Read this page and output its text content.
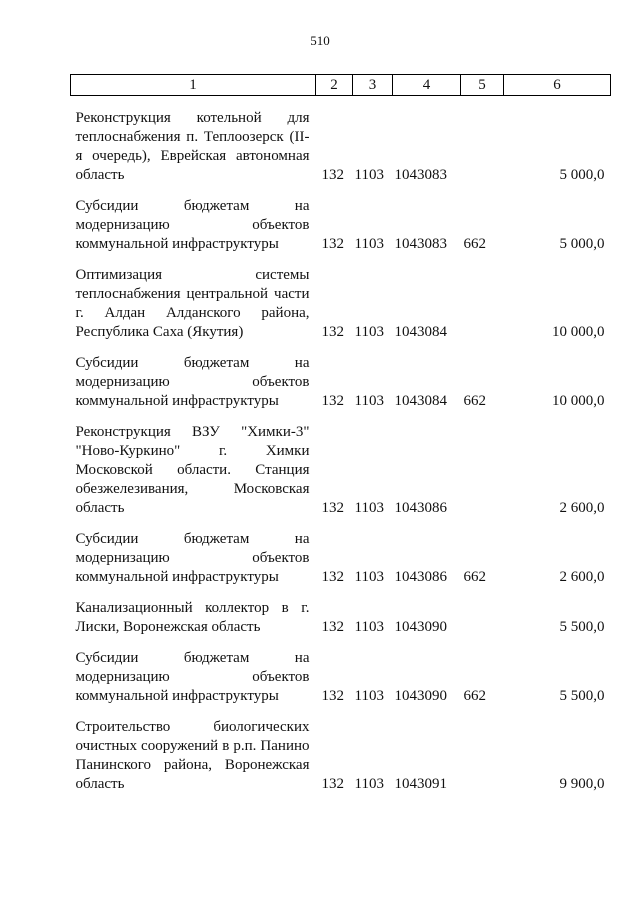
510
1	2	3	4	5	6
Реконструкция котельной для теплоснабжения п. Теплоозерск (II-я очередь), Еврейская автономная область	132	1103	1043083		5 000,0
Субсидии бюджетам на модернизацию объектов коммунальной инфраструктуры	132	1103	1043083	662	5 000,0
Оптимизация системы теплоснабжения центральной части г. Алдан Алданского района, Республика Саха (Якутия)	132	1103	1043084		10 000,0
Субсидии бюджетам на модернизацию объектов коммунальной инфраструктуры	132	1103	1043084	662	10 000,0
Реконструкция ВЗУ "Химки-3" "Ново-Куркино" г. Химки Московской области. Станция обезжелезивания, Московская область	132	1103	1043086		2 600,0
Субсидии бюджетам на модернизацию объектов коммунальной инфраструктуры	132	1103	1043086	662	2 600,0
Канализационный коллектор в г. Лиски, Воронежская область	132	1103	1043090		5 500,0
Субсидии бюджетам на модернизацию объектов коммунальной инфраструктуры	132	1103	1043090	662	5 500,0
Строительство биологических очистных сооружений в р.п. Панино Панинского района, Воронежская область	132	1103	1043091		9 900,0
